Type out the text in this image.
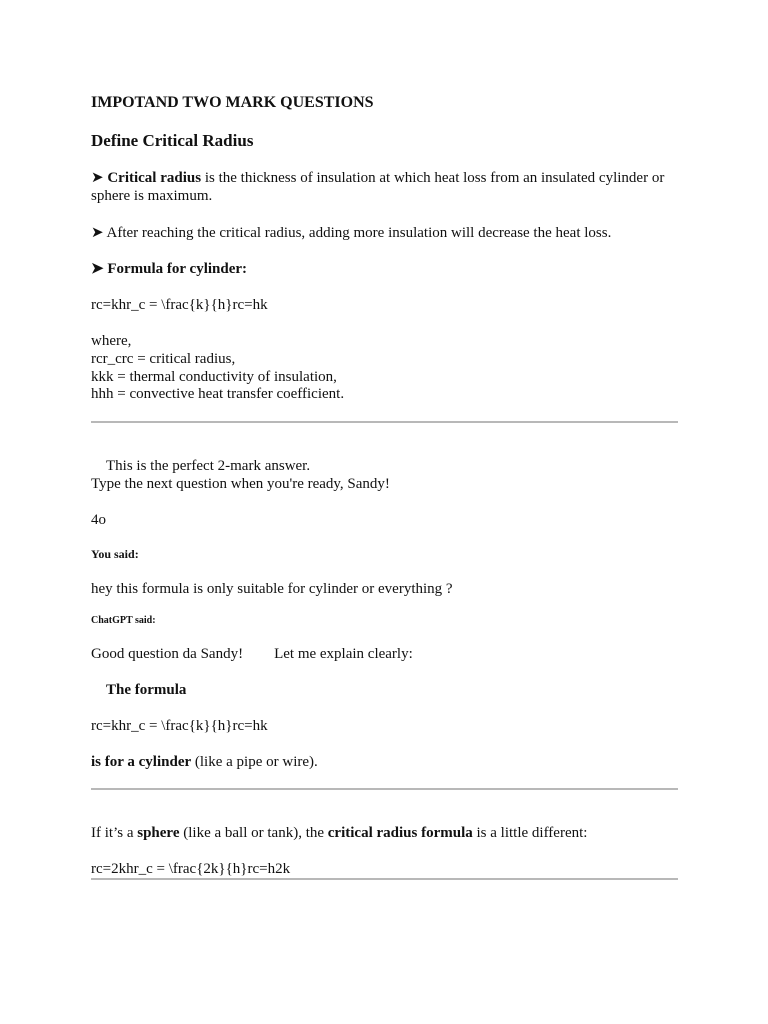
IMPOTAND TWO MARK QUESTIONS
Define Critical Radius
➤ Critical radius is the thickness of insulation at which heat loss from an insulated cylinder or
sphere is maximum.
➤ After reaching the critical radius, adding more insulation will decrease the heat loss.
➤ Formula for cylinder:
rc=khr_c = \frac{k}{h}rc=hk
where,
rcr_crc = critical radius,
kkk = thermal conductivity of insulation,
hhh = convective heat transfer coefficient.
This is the perfect 2-mark answer.
Type the next question when you're ready, Sandy!
4o
You said:
hey this formula is only suitable for cylinder or everything ?
ChatGPT said:
Good question da Sandy! Let me explain clearly:
The formula
rc=khr_c = \frac{k}{h}rc=hk
is for a cylinder (like a pipe or wire).
If it’s a sphere (like a ball or tank), the critical radius formula is a little different:
rc=2khr_c = \frac{2k}{h}rc=h2k
